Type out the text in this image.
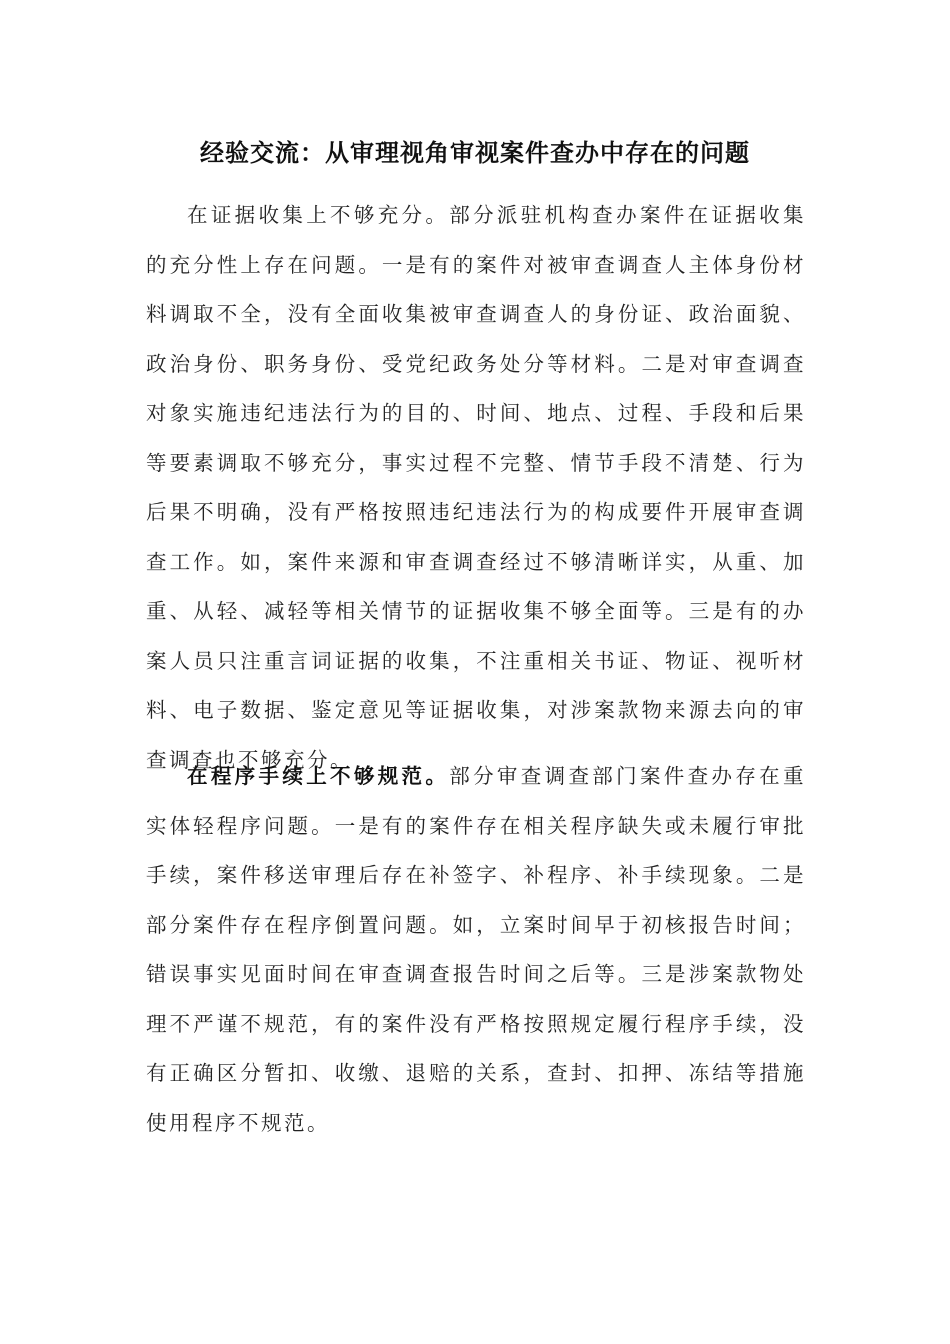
经验交流：从审理视角审视案件查办中存在的问题

在证据收集上不够充分。部分派驻机构查办案件在证据收集的充分性上存在问题。一是有的案件对被审查调查人主体身份材料调取不全，没有全面收集被审查调查人的身份证、政治面貌、政治身份、职务身份、受党纪政务处分等材料。二是对审查调查对象实施违纪违法行为的目的、时间、地点、过程、手段和后果等要素调取不够充分，事实过程不完整、情节手段不清楚、行为后果不明确，没有严格按照违纪违法行为的构成要件开展审查调查工作。如，案件来源和审查调查经过不够清晰详实，从重、加重、从轻、减轻等相关情节的证据收集不够全面等。三是有的办案人员只注重言词证据的收集，不注重相关书证、物证、视听材料、电子数据、鉴定意见等证据收集，对涉案款物来源去向的审查调查也不够充分。

在程序手续上不够规范。部分审查调查部门案件查办存在重实体轻程序问题。一是有的案件存在相关程序缺失或未履行审批手续，案件移送审理后存在补签字、补程序、补手续现象。二是部分案件存在程序倒置问题。如，立案时间早于初核报告时间；错误事实见面时间在审查调查报告时间之后等。三是涉案款物处理不严谨不规范，有的案件没有严格按照规定履行程序手续，没有正确区分暂扣、收缴、退赔的关系，查封、扣押、冻结等措施使用程序不规范。
